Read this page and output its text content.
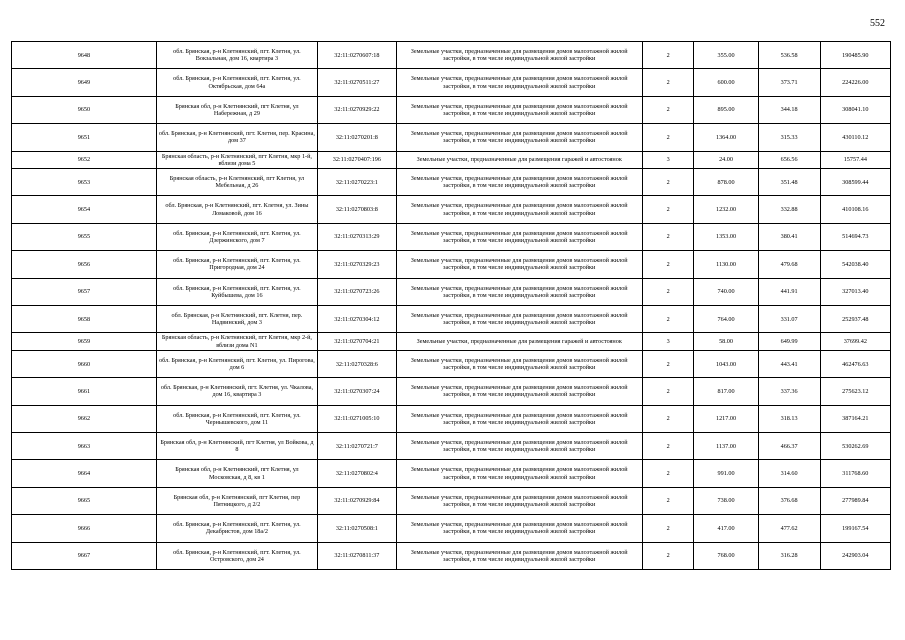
552
9648	обл. Брянская, р-н Клетнянский, пгт. Клетня, ул. Вокзальная, дом 16, квартира 3	32:11:0270607:18	Земельные участки, предназначенные для размещения домов малоэтажной жилой застройки, в том числе индивидуальной жилой застройки	2	355.00	536.58	190485.90
9649	обл. Брянская, р-н Клетнянский, пгт. Клетня, ул. Октябрьская, дом 64а	32:11:0270511:27	Земельные участки, предназначенные для размещения домов малоэтажной жилой застройки, в том числе индивидуальной жилой застройки	2	600.00	373.71	224226.00
9650	Брянская обл, р-н Клетнянский, пгт Клетня, ул Набережная, д 29	32:11:0270929:22	Земельные участки, предназначенные для размещения домов малоэтажной жилой застройки, в том числе индивидуальной жилой застройки	2	895.00	344.18	308041.10
9651	обл. Брянская, р-н Клетнянский, пгт. Клетня, пер. Красина, дом 37	32:11:0270201:8	Земельные участки, предназначенные для размещения домов малоэтажной жилой застройки, в том числе индивидуальной жилой застройки	2	1364.00	315.33	430110.12
9652	Брянская область, р-н Клетнянский, пгт Клетня, мкр 1-й, вблизи дома 5	32:11:0270407:196	Земельные участки, предназначенные для размещения гаражей и автостоянок	3	24.00	656.56	15757.44
9653	Брянская область, р-н Клетнянский, пгт Клетня, ул Мебельная, д 26	32:11:0270223:1	Земельные участки, предназначенные для размещения домов малоэтажной жилой застройки, в том числе индивидуальной жилой застройки	2	878.00	351.48	308599.44
9654	обл. Брянская, р-н Клетнянский, пгт. Клетня, ул. Зины Ломаковой, дом 16	32:11:0270803:8	Земельные участки, предназначенные для размещения домов малоэтажной жилой застройки, в том числе индивидуальной жилой застройки	2	1232.00	332.88	410108.16
9655	обл. Брянская, р-н Клетнянский, пгт. Клетня, ул. Дзержинского, дом 7	32:11:0270313:29	Земельные участки, предназначенные для размещения домов малоэтажной жилой застройки, в том числе индивидуальной жилой застройки	2	1353.00	380.41	514694.73
9656	обл. Брянская, р-н Клетнянский, пгт. Клетня, ул. Пригородная, дом 24	32:11:0270329:23	Земельные участки, предназначенные для размещения домов малоэтажной жилой застройки, в том числе индивидуальной жилой застройки	2	1130.00	479.68	542038.40
9657	обл. Брянская, р-н Клетнянский, пгт. Клетня, ул. Куйбышева, дом 16	32:11:0270723:26	Земельные участки, предназначенные для размещения домов малоэтажной жилой застройки, в том числе индивидуальной жилой застройки	2	740.00	441.91	327013.40
9658	обл. Брянская, р-н Клетнянский, пгт. Клетня, пер. Надвинский, дом 3	32:11:0270304:12	Земельные участки, предназначенные для размещения домов малоэтажной жилой застройки, в том числе индивидуальной жилой застройки	2	764.00	331.07	252937.48
9659	Брянская область, р-н Клетнянский, пгт Клетня, мкр 2-й, вблизи дома N1	32:11:0270704:21	Земельные участки, предназначенные для размещения гаражей и автостоянок	3	58.00	649.99	37699.42
9660	обл. Брянская, р-н Клетнянский, пгт. Клетня, ул. Пирогова, дом 6	32:11:0270328:6	Земельные участки, предназначенные для размещения домов малоэтажной жилой застройки, в том числе индивидуальной жилой застройки	2	1043.00	443.41	462476.63
9661	обл. Брянская, р-н Клетнянский, пгт. Клетня, ул. Чкалова, дом 16, квартира 3	32:11:0270307:24	Земельные участки, предназначенные для размещения домов малоэтажной жилой застройки, в том числе индивидуальной жилой застройки	2	817.00	337.36	275623.12
9662	обл. Брянская, р-н Клетнянский, пгт. Клетня, ул. Чернышевского, дом 11	32:11:0271005:10	Земельные участки, предназначенные для размещения домов малоэтажной жилой застройки, в том числе индивидуальной жилой застройки	2	1217.00	318.13	387164.21
9663	Брянская обл, р-н Клетнянский, пгт Клетня, ул Войкова, д 8	32:11:0270721:7	Земельные участки, предназначенные для размещения домов малоэтажной жилой застройки, в том числе индивидуальной жилой застройки	2	1137.00	466.37	530262.69
9664	Брянская обл, р-н Клетнянский, пгт Клетня, ул Московская, д 8, кв 1	32:11:0270802:4	Земельные участки, предназначенные для размещения домов малоэтажной жилой застройки, в том числе индивидуальной жилой застройки	2	991.00	314.60	311768.60
9665	Брянская обл, р-н Клетнянский, пгт Клетня, пер Пятницкого, д 2/2	32:11:0270929:84	Земельные участки, предназначенные для размещения домов малоэтажной жилой застройки, в том числе индивидуальной жилой застройки	2	738.00	376.68	277989.84
9666	обл. Брянская, р-н Клетнянский, пгт. Клетня, ул. Декабристов, дом 18а/2	32:11:0270508:1	Земельные участки, предназначенные для размещения домов малоэтажной жилой застройки, в том числе индивидуальной жилой застройки	2	417.00	477.62	199167.54
9667	обл. Брянская, р-н Клетнянский, пгт. Клетня, ул. Островского, дом 24	32:11:0270811:37	Земельные участки, предназначенные для размещения домов малоэтажной жилой застройки, в том числе индивидуальной жилой застройки	2	768.00	316.28	242903.04
